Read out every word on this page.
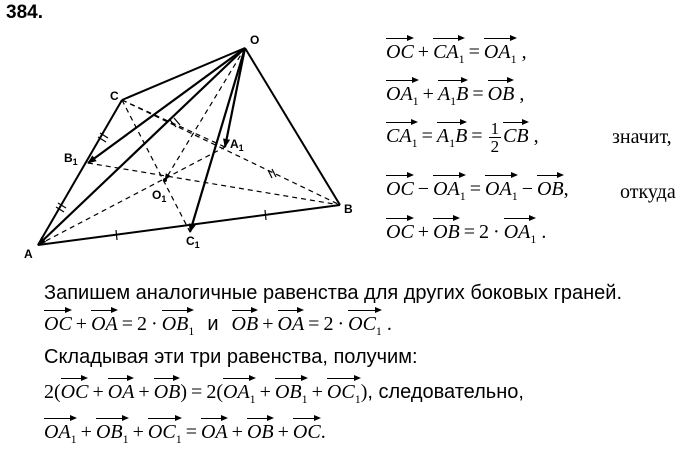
384.
O
C
$B_1$
$A_1$
$O_1$
A
$C_1$
B
OC + $CA_1 = OA_1$ ,
$OA_1 + A_1B$ = OB ,
$CA_1 = A_1B = \frac{1}{2}$ CB ,	значит,
OC − $OA_1 = OA_1$ − OB,	откуда
OC + OB = $2 \cdot OA_1$ .
Запишем аналогичные равенства для других боковых граней.
OC + OA = $2 \cdot OB_1$ и OB + OA = $2 \cdot OC_1$ .
Складывая эти три равенства, получим:
2(OC + OA + $OB) = 2(OA_1 + OB_1 + OC_1)$, следовательно,
$OA_1 + OB_1 + OC_1$ = OA + OB + OC.
